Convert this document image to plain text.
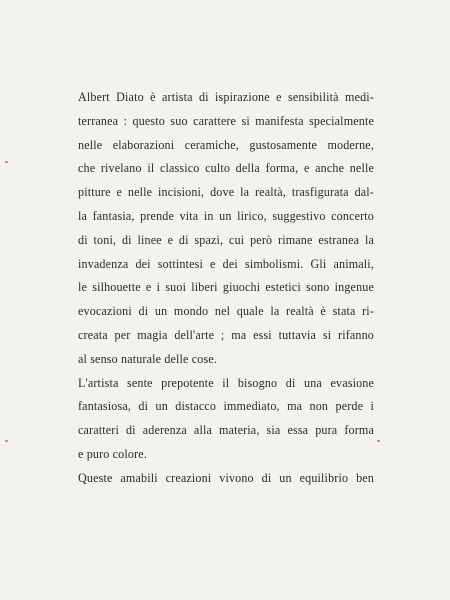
Albert Diato è artista di ispirazione e sensibilità medi-
terranea : questo suo carattere si manifesta specialmente
nelle elaborazioni ceramiche, gustosamente moderne,
che rivelano il classico culto della forma, e anche nelle
pitture e nelle incisioni, dove la realtà, trasfigurata dal-
la fantasia, prende vita in un lirico, suggestivo concerto
di toni, di linee e di spazi, cui però rimane estranea la
invadenza dei sottintesi e dei simbolismi. Gli animali,
le silhouette e i suoi liberi giuochi estetici sono ingenue
evocazioni di un mondo nel quale la realtà è stata ri-
creata per magia dell'arte ; ma essi tuttavia si rifanno
al senso naturale delle cose.
L'artista sente prepotente il bisogno di una evasione
fantasiosa, di un distacco immediato, ma non perde i
caratteri di aderenza alla materia, sia essa pura forma
e puro colore.
Queste amabili creazioni vivono di un equilibrio ben
